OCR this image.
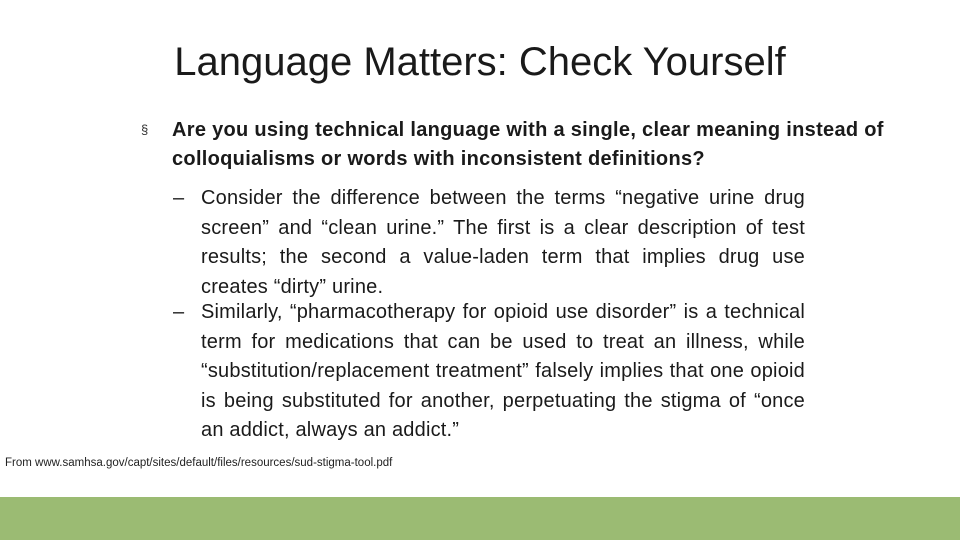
Language Matters: Check Yourself
§ Are you using technical language with a single, clear meaning instead of colloquialisms or words with inconsistent definitions?
– Consider the difference between the terms “negative urine drug screen” and “clean urine.” The first is a clear description of test results; the second a value-laden term that implies drug use creates “dirty” urine.
– Similarly, “pharmacotherapy for opioid use disorder” is a technical term for medications that can be used to treat an illness, while “substitution/replacement treatment” falsely implies that one opioid is being substituted for another, perpetuating the stigma of “once an addict, always an addict.”
From www.samhsa.gov/capt/sites/default/files/resources/sud-stigma-tool.pdf
